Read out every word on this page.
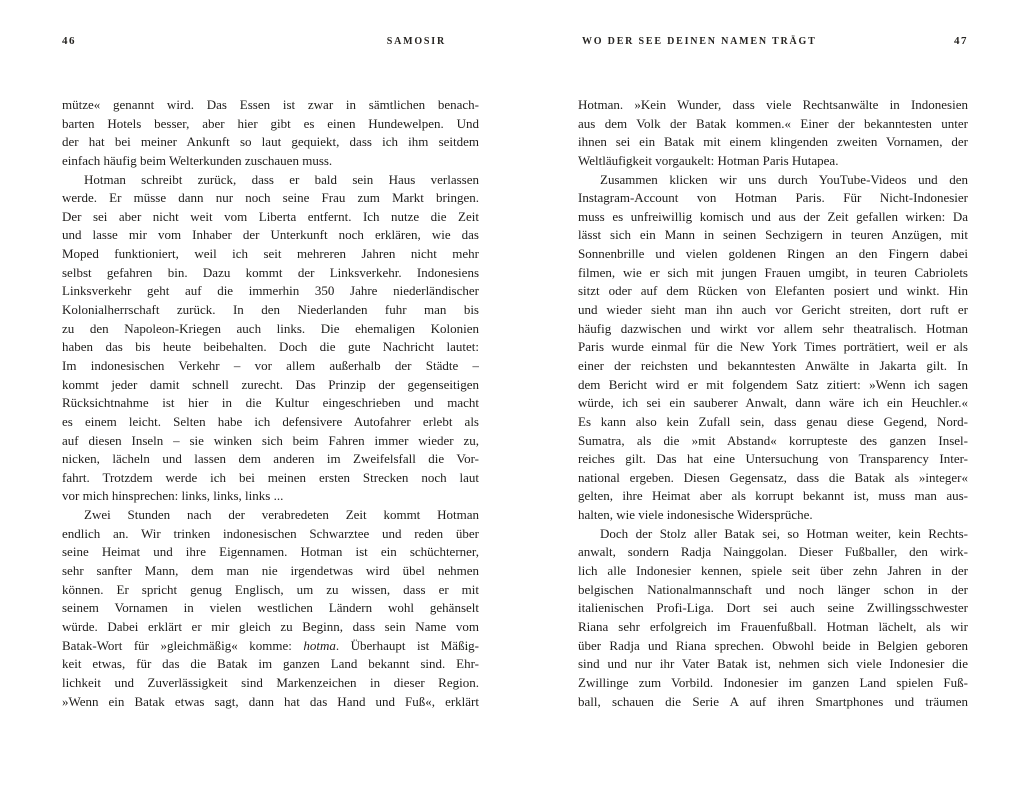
46	SAMOSIR	WO DER SEE DEINEN NAMEN TRÄGT	47
mütze« genannt wird. Das Essen ist zwar in sämtlichen benach-
barten Hotels besser, aber hier gibt es einen Hundewelpen. Und
der hat bei meiner Ankunft so laut gequiekt, dass ich ihm seitdem
einfach häufig beim Welterkunden zuschauen muss.
Hotman schreibt zurück, dass er bald sein Haus verlassen
werde. Er müsse dann nur noch seine Frau zum Markt bringen.
Der sei aber nicht weit vom Liberta entfernt. Ich nutze die Zeit
und lasse mir vom Inhaber der Unterkunft noch erklären, wie das
Moped funktioniert, weil ich seit mehreren Jahren nicht mehr
selbst gefahren bin. Dazu kommt der Linksverkehr. Indonesiens
Linksverkehr geht auf die immerhin 350 Jahre niederländischer
Kolonialherrschaft zurück. In den Niederlanden fuhr man bis
zu den Napoleon-Kriegen auch links. Die ehemaligen Kolonien
haben das bis heute beibehalten. Doch die gute Nachricht lautet:
Im indonesischen Verkehr – vor allem außerhalb der Städte –
kommt jeder damit schnell zurecht. Das Prinzip der gegenseitigen
Rücksichtnahme ist hier in die Kultur eingeschrieben und macht
es einem leicht. Selten habe ich defensivere Autofahrer erlebt als
auf diesen Inseln – sie winken sich beim Fahren immer wieder zu,
nicken, lächeln und lassen dem anderen im Zweifelsfall die Vor-
fahrt. Trotzdem werde ich bei meinen ersten Strecken noch laut
vor mich hinsprechen: links, links, links ...
Zwei Stunden nach der verabredeten Zeit kommt Hotman
endlich an. Wir trinken indonesischen Schwarztee und reden über
seine Heimat und ihre Eigennamen. Hotman ist ein schüchterner,
sehr sanfter Mann, dem man nie irgendetwas wird übel nehmen
können. Er spricht genug Englisch, um zu wissen, dass er mit
seinem Vornamen in vielen westlichen Ländern wohl gehänselt
würde. Dabei erklärt er mir gleich zu Beginn, dass sein Name vom
Batak-Wort für »gleichmäßig« komme: hotma. Überhaupt ist Mäßig-
keit etwas, für das die Batak im ganzen Land bekannt sind. Ehr-
lichkeit und Zuverlässigkeit sind Markenzeichen in dieser Region.
»Wenn ein Batak etwas sagt, dann hat das Hand und Fuß«, erklärt
Hotman. »Kein Wunder, dass viele Rechtsanwälte in Indonesien
aus dem Volk der Batak kommen.« Einer der bekanntesten unter
ihnen sei ein Batak mit einem klingenden zweiten Vornamen, der
Weltläufigkeit vorgaukelt: Hotman Paris Hutapea.
Zusammen klicken wir uns durch YouTube-Videos und den
Instagram-Account von Hotman Paris. Für Nicht-Indonesier
muss es unfreiwillig komisch und aus der Zeit gefallen wirken: Da
lässt sich ein Mann in seinen Sechzigern in teuren Anzügen, mit
Sonnenbrille und vielen goldenen Ringen an den Fingern dabei
filmen, wie er sich mit jungen Frauen umgibt, in teuren Cabriolets
sitzt oder auf dem Rücken von Elefanten posiert und winkt. Hin
und wieder sieht man ihn auch vor Gericht streiten, dort ruft er
häufig dazwischen und wirkt vor allem sehr theatralisch. Hotman
Paris wurde einmal für die New York Times porträtiert, weil er als
einer der reichsten und bekanntesten Anwälte in Jakarta gilt. In
dem Bericht wird er mit folgendem Satz zitiert: »Wenn ich sagen
würde, ich sei ein sauberer Anwalt, dann wäre ich ein Heuchler.«
Es kann also kein Zufall sein, dass genau diese Gegend, Nord-
Sumatra, als die »mit Abstand« korrupteste des ganzen Insel-
reiches gilt. Das hat eine Untersuchung von Transparency Inter-
national ergeben. Diesen Gegensatz, dass die Batak als »integer«
gelten, ihre Heimat aber als korrupt bekannt ist, muss man aus-
halten, wie viele indonesische Widersprüche.
Doch der Stolz aller Batak sei, so Hotman weiter, kein Rechts-
anwalt, sondern Radja Nainggolan. Dieser Fußballer, den wirk-
lich alle Indonesier kennen, spiele seit über zehn Jahren in der
belgischen Nationalmannschaft und noch länger schon in der
italienischen Profi-Liga. Dort sei auch seine Zwillingsschwester
Riana sehr erfolgreich im Frauenfußball. Hotman lächelt, als wir
über Radja und Riana sprechen. Obwohl beide in Belgien geboren
sind und nur ihr Vater Batak ist, nehmen sich viele Indonesier die
Zwillinge zum Vorbild. Indonesier im ganzen Land spielen Fuß-
ball, schauen die Serie A auf ihren Smartphones und träumen
